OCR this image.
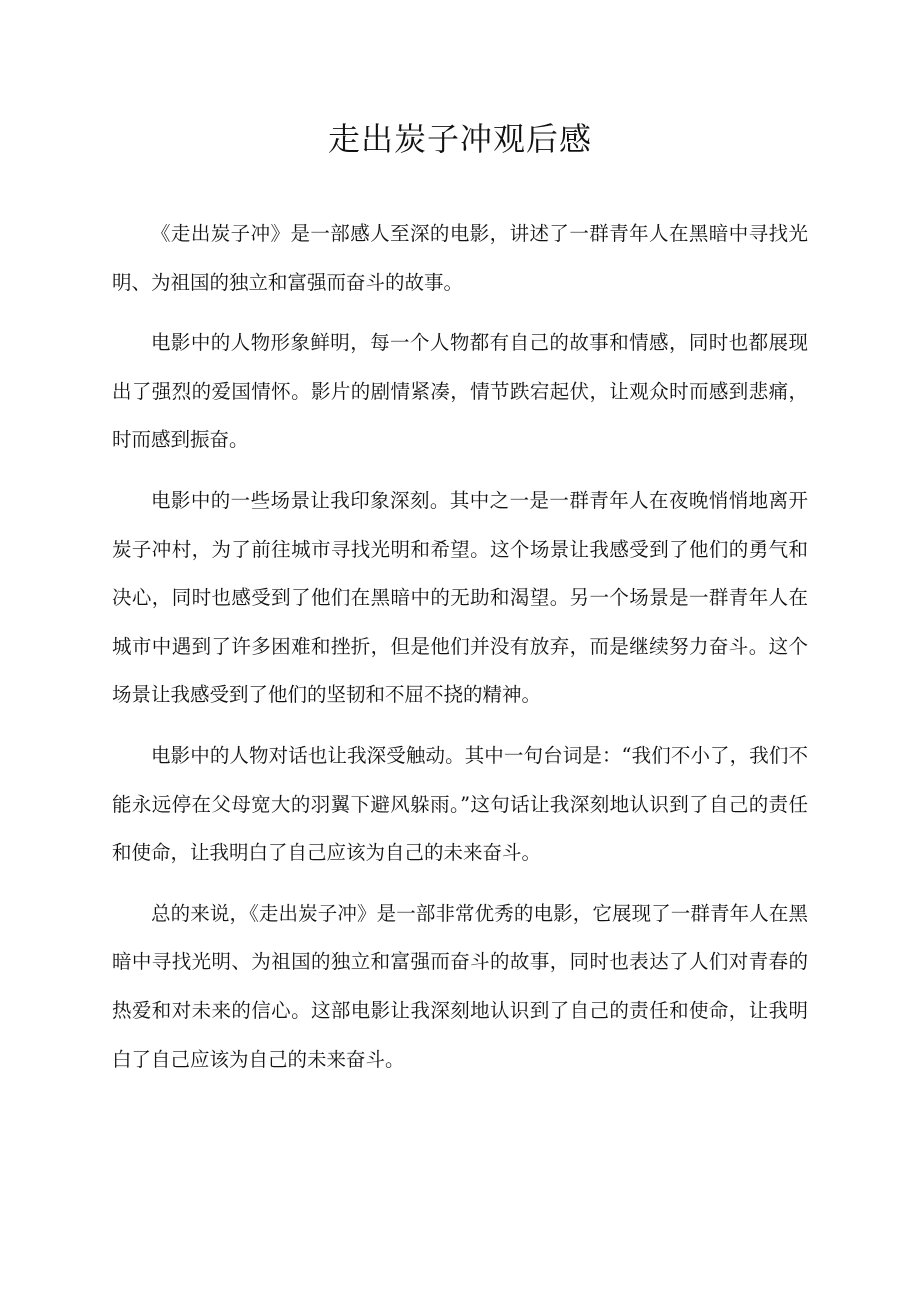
走出炭子冲观后感

《走出炭子冲》是一部感人至深的电影，讲述了一群青年人在黑暗中寻找光明、为祖国的独立和富强而奋斗的故事。

电影中的人物形象鲜明，每一个人物都有自己的故事和情感，同时也都展现出了强烈的爱国情怀。影片的剧情紧凑，情节跌宕起伏，让观众时而感到悲痛，时而感到振奋。

电影中的一些场景让我印象深刻。其中之一是一群青年人在夜晚悄悄地离开炭子冲村，为了前往城市寻找光明和希望。这个场景让我感受到了他们的勇气和决心，同时也感受到了他们在黑暗中的无助和渴望。另一个场景是一群青年人在城市中遇到了许多困难和挫折，但是他们并没有放弃，而是继续努力奋斗。这个场景让我感受到了他们的坚韧和不屈不挠的精神。

电影中的人物对话也让我深受触动。其中一句台词是：“我们不小了，我们不能永远停在父母宽大的羽翼下避风躲雨。”这句话让我深刻地认识到了自己的责任和使命，让我明白了自己应该为自己的未来奋斗。

总的来说，《走出炭子冲》是一部非常优秀的电影，它展现了一群青年人在黑暗中寻找光明、为祖国的独立和富强而奋斗的故事，同时也表达了人们对青春的热爱和对未来的信心。这部电影让我深刻地认识到了自己的责任和使命，让我明白了自己应该为自己的未来奋斗。
